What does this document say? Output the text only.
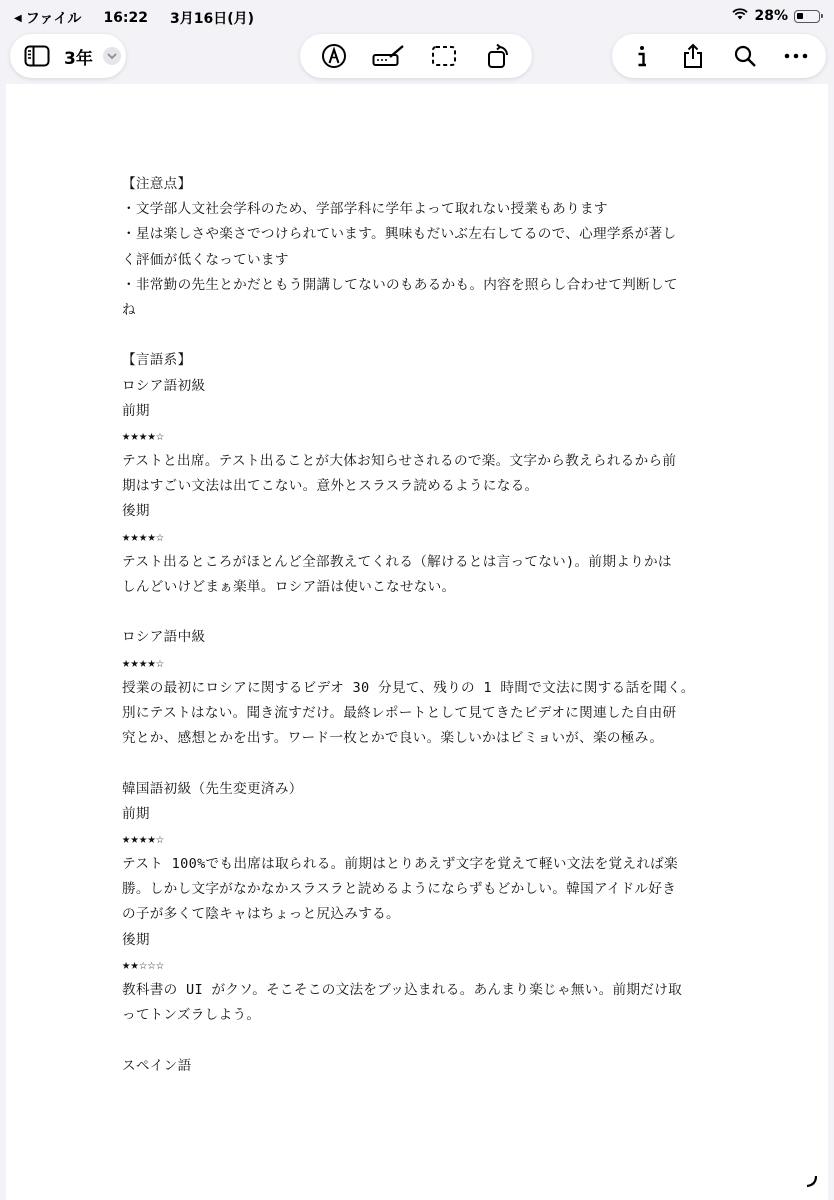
◀ ファイル 16:22 3月16日(月)	28%
3年
【注意点】
・文学部人文社会学科のため、学部学科に学年よって取れない授業もあります
・星は楽しさや楽さでつけられています。興味もだいぶ左右してるので、心理学系が著し
く評価が低くなっています
・非常勤の先生とかだともう開講してないのもあるかも。内容を照らし合わせて判断して
ね
【言語系】
ロシア語初級
前期
★★★★☆
テストと出席。テスト出ることが大体お知らせされるので楽。文字から教えられるから前
期はすごい文法は出てこない。意外とスラスラ読めるようになる。
後期
★★★★☆
テスト出るところがほとんど全部教えてくれる（解けるとは言ってない)。前期よりかは
しんどいけどまぁ楽単。ロシア語は使いこなせない。
ロシア語中級
★★★★☆
授業の最初にロシアに関するビデオ 30 分見て、残りの 1 時間で文法に関する話を聞く。
別にテストはない。聞き流すだけ。最終レポートとして見てきたビデオに関連した自由研
究とか、感想とかを出す。ワード一枚とかで良い。楽しいかはビミョいが、楽の極み。
韓国語初級（先生変更済み）
前期
★★★★☆
テスト 100%でも出席は取られる。前期はとりあえず文字を覚えて軽い文法を覚えれば楽
勝。しかし文字がなかなかスラスラと読めるようにならずもどかしい。韓国アイドル好き
の子が多くて陰キャはちょっと尻込みする。
後期
★★☆☆☆
教科書の UI がクソ。そこそこの文法をブッ込まれる。あんまり楽じゃ無い。前期だけ取
ってトンズラしよう。
スペイン語
